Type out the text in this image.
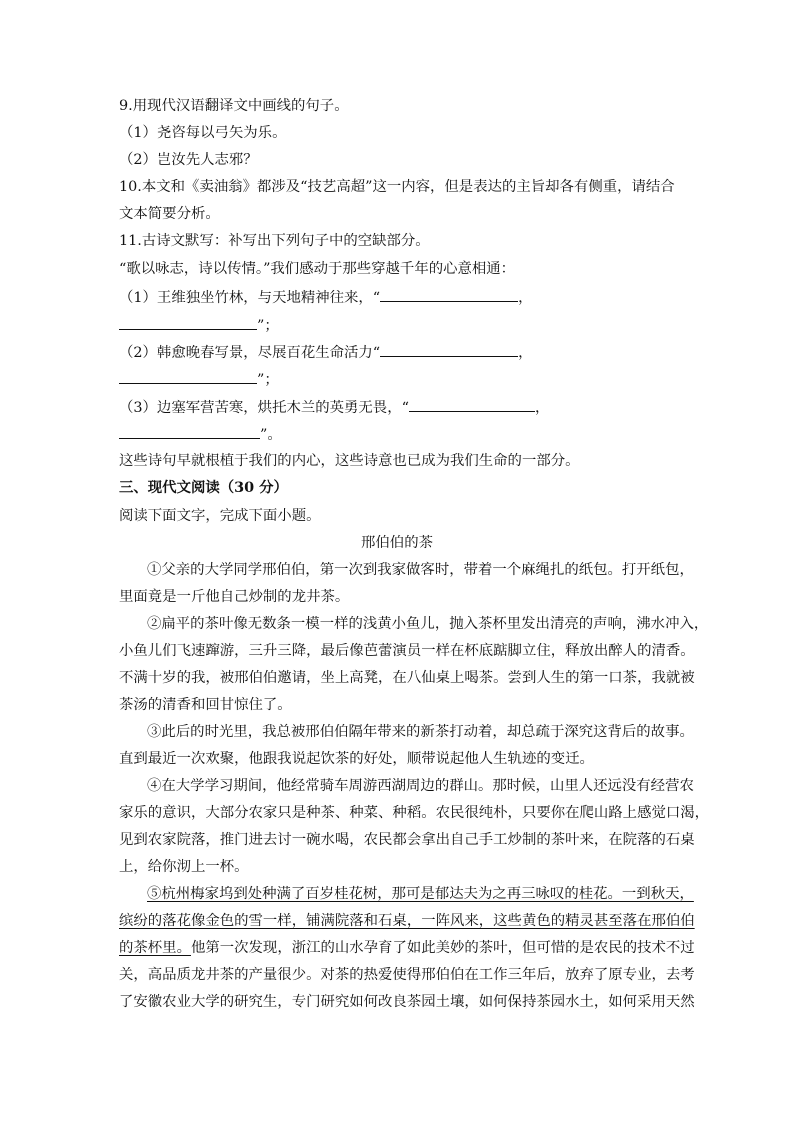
9.用现代汉语翻译文中画线的句子。
（1）尧咨每以弓矢为乐。
（2）岂汝先人志邪？
10.本文和《卖油翁》都涉及“技艺高超”这一内容，但是表达的主旨却各有侧重，请结合
文本简要分析。
11.古诗文默写：补写出下列句子中的空缺部分。
“歌以咏志，诗以传情。”我们感动于那些穿越千年的心意相通：
（1）王维独坐竹林，与天地精神往来，“	，
”；
（2）韩愈晚春写景，尽展百花生命活力“	，
”；
（3）边塞军营苦寒，烘托木兰的英勇无畏，“	，
”。
这些诗句早就根植于我们的内心，这些诗意也已成为我们生命的一部分。
三、现代文阅读（30 分）
阅读下面文字，完成下面小题。
邢伯伯的茶
①父亲的大学同学邢伯伯，第一次到我家做客时，带着一个麻绳扎的纸包。打开纸包，
里面竟是一斤他自己炒制的龙井茶。
②扁平的茶叶像无数条一模一样的浅黄小鱼儿，抛入茶杯里发出清亮的声响，沸水冲入，
小鱼儿们飞速蹿游，三升三降，最后像芭蕾演员一样在杯底踮脚立住，释放出醉人的清香。
不满十岁的我，被邢伯伯邀请，坐上高凳，在八仙桌上喝茶。尝到人生的第一口茶，我就被
茶汤的清香和回甘惊住了。
③此后的时光里，我总被邢伯伯隔年带来的新茶打动着，却总疏于深究这背后的故事。
直到最近一次欢聚，他跟我说起饮茶的好处，顺带说起他人生轨迹的变迁。
④在大学学习期间，他经常骑车周游西湖周边的群山。那时候，山里人还远没有经营农
家乐的意识，大部分农家只是种茶、种菜、种稻。农民很纯朴，只要你在爬山路上感觉口渴，
见到农家院落，推门进去讨一碗水喝，农民都会拿出自己手工炒制的茶叶来，在院落的石桌
上，给你沏上一杯。
⑤杭州梅家坞到处种满了百岁桂花树，那可是郁达夫为之再三咏叹的桂花。一到秋天，
缤纷的落花像金色的雪一样，铺满院落和石桌，一阵风来，这些黄色的精灵甚至落在邢伯伯
的茶杯里。他第一次发现，浙江的山水孕育了如此美妙的茶叶，但可惜的是农民的技术不过
关，高品质龙井茶的产量很少。对茶的热爱使得邢伯伯在工作三年后，放弃了原专业，去考
了安徽农业大学的研究生，专门研究如何改良茶园土壤，如何保持茶园水土，如何采用天然
